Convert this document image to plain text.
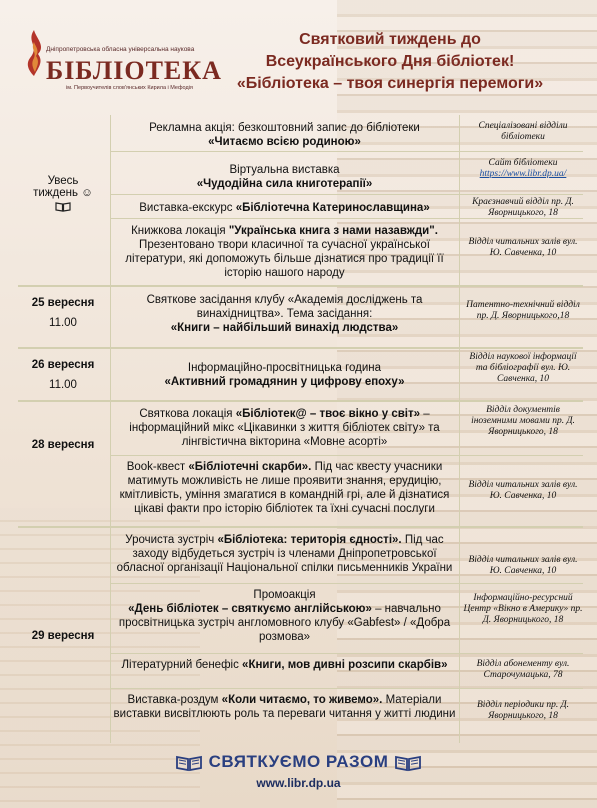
Дніпропетровська обласна універсальна наукова
БІБЛІОТЕКА
ім. Первоучителів слов'янських Кирила і Мефодія
Святковий тиждень до
Всеукраїнського Дня бібліотек!
«Бібліотека – твоя синергія перемоги»
Увесь тиждень ☺
25 вересня
11.00
26 вересня
11.00
28 вересня
29 вересня
Рекламна акція: безкоштовний запис до бібліотеки
«Читаємо всією родиною»
Віртуальна виставка
«Чудодійна сила книготерапії»
Виставка-екскурс «Бібліотечна Катеринославщина»
Книжкова локація "Українська книга з нами назавжди". Презентовано твори класичної та сучасної української літератури, які допоможуть більше дізнатися про традиції її історію нашого народу
Святкове засідання клубу «Академія досліджень та винахідництва». Тема засідання:
«Книги – найбільший винахід людства»
Інформаційно-просвітницька година
«Активний громадянин у цифрову епоху»
Святкова локація «Бібліотек@ – твоє вікно у світ» – інформаційний мікс «Цікавинки з життя бібліотек світу» та лінгвістична вікторина «Мовне асорті»
Book-квест «Бібліотечні скарби». Під час квесту учасники матимуть можливість не лише проявити знання, ерудицію, кмітливість, уміння змагатися в командній грі, але й дізнатися цікаві факти про історію бібліотек та їхні сучасні послуги
Урочиста зустріч «Бібліотека: територія єдності». Під час заходу відбудеться зустріч із членами Дніпропетровської обласної організації Національної спілки письменників України
Промоакція
«День бібліотек – святкуємо англійською» – навчально просвітницька зустріч англомовного клубу «Gabfest» / «Добра розмова»
Літературний бенефіс «Книги, мов дивні розсипи скарбів»
Виставка-роздум «Коли читаємо, то живемо». Матеріали виставки висвітлюють роль та переваги читання у житті людини
Спеціалізовані відділи бібліотеки
Сайт бібліотеки
https://www.libr.dp.ua/
Краєзнавчий відділ пр. Д. Яворницького, 18
Відділ читальних залів вул. Ю. Савченка, 10
Патентно-технічний відділ пр. Д. Яворницького,18
Відділ наукової інформації та бібліографії вул. Ю. Савченка, 10
Відділ документів іноземними мовами пр. Д. Яворницького, 18
Відділ читальних залів вул. Ю. Савченка, 10
Відділ читальних залів вул. Ю. Савченка, 10
Інформаційно-ресурсний Центр «Вікно в Америку» пр. Д. Яворницького, 18
Відділ абонементу вул. Старочумацька, 78
Відділ періодики пр. Д. Яворницького, 18
СВЯТКУЄМО РАЗОМ
www.libr.dp.ua
